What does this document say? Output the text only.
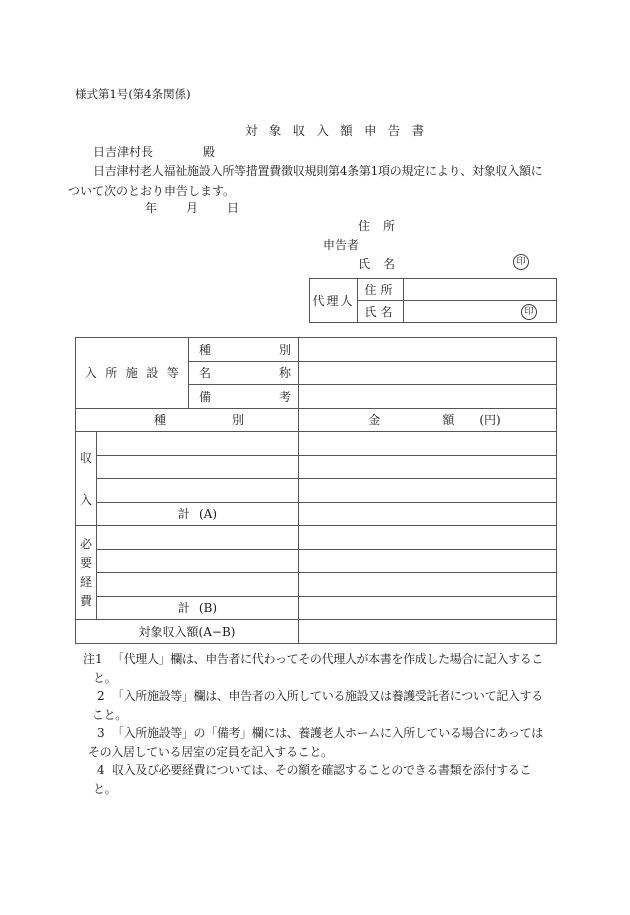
様式第1号(第4条関係)
対象収入額申告書
日吉津村長	殿
日吉津村老人福祉施設入所等措置費徴収規則第4条第1項の規定により、対象収入額に
ついて次のとおり申告します。
年 月 日
住所
申告者
氏名	印
代理人	住所	
	氏名	印
入所施設等		種 別	

		名 称	

		備 考	

種 別			金 額 (円)

収
入			

	計 (A)		

必
要
経
費			

	計 (B)		

対象収入額(A−B)			
注1 「代理人」欄は、申告者に代わってその代理人が本書を作成した場合に記入するこ
と。
2 「入所施設等」欄は、申告者の入所している施設又は養護受託者について記入する
こと。
3 「入所施設等」の「備考」欄には、養護老人ホームに入所している場合にあっては
その入居している居室の定員を記入すること。
4 収入及び必要経費については、その額を確認することのできる書類を添付するこ
と。
